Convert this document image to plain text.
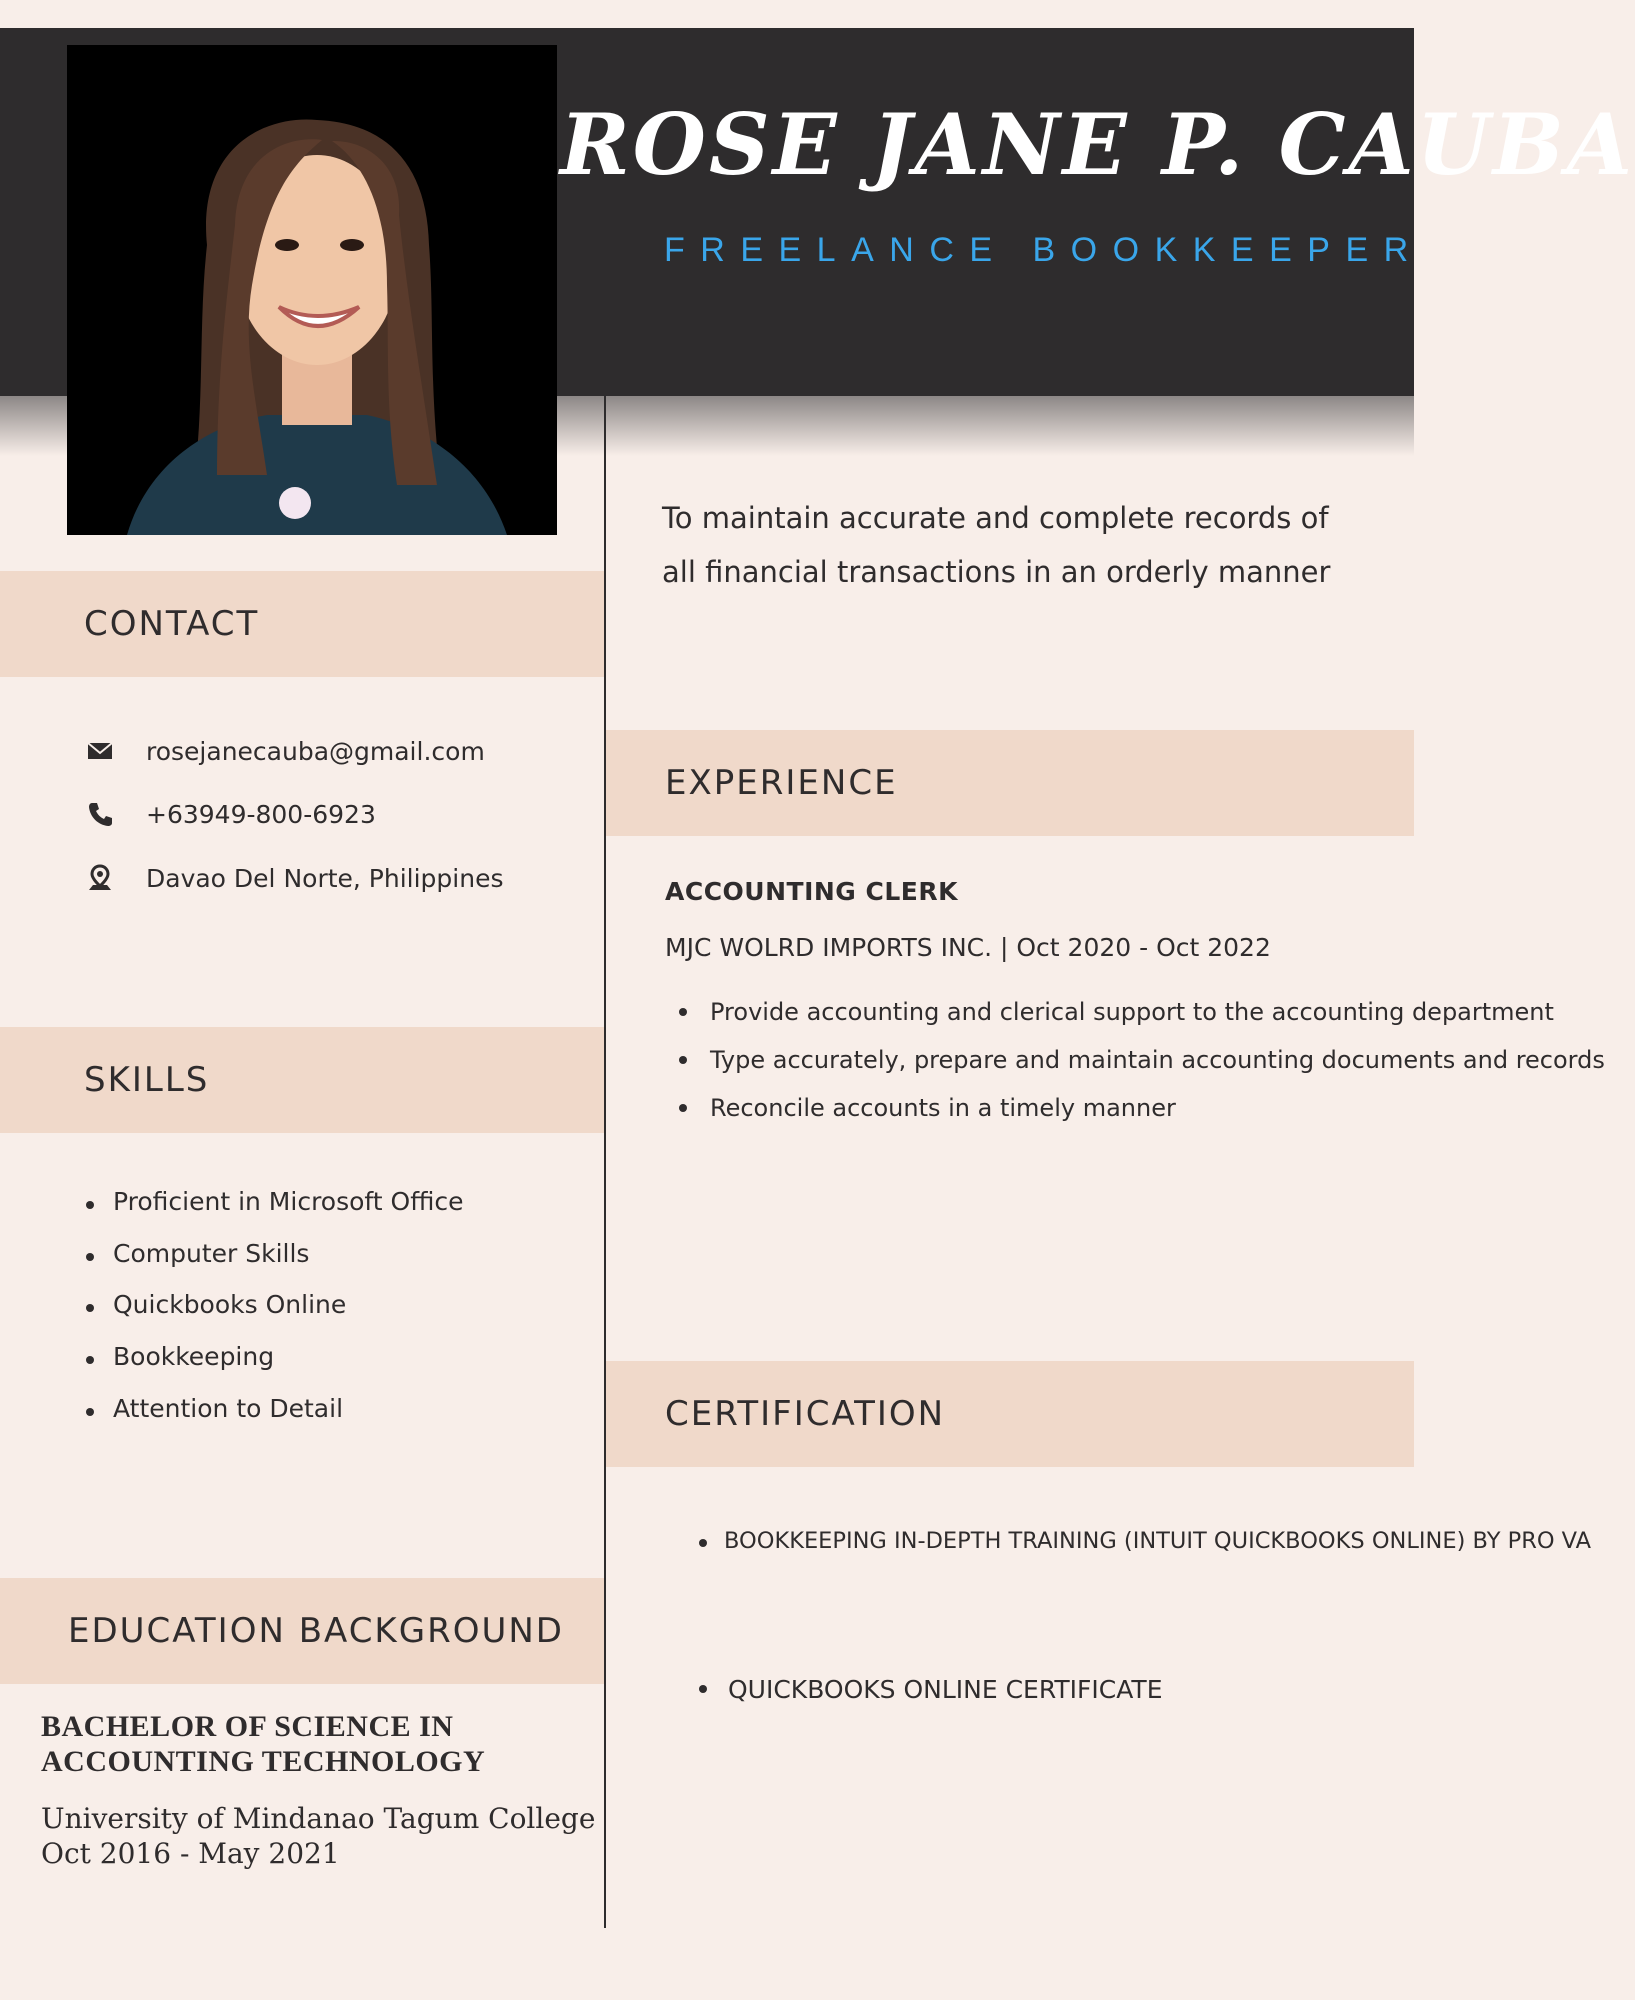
ROSE JANE P. CAUBA
FREELANCE BOOKKEEPER
CONTACT
rosejanecauba@gmail.com
+63949-800-6923
Davao Del Norte, Philippines
SKILLS
Proficient in Microsoft Office
Computer Skills
Quickbooks Online
Bookkeeping
Attention to Detail
EDUCATION BACKGROUND
BACHELOR OF SCIENCE IN
ACCOUNTING TECHNOLOGY
University of Mindanao Tagum College
Oct 2016 - May 2021
To maintain accurate and complete records of all financial transactions in an orderly manner
EXPERIENCE
ACCOUNTING CLERK
MJC WOLRD IMPORTS INC. | Oct 2020 - Oct 2022
Provide accounting and clerical support to the accounting department
Type accurately, prepare and maintain accounting documents and records
Reconcile accounts in a timely manner
CERTIFICATION
BOOKKEEPING IN-DEPTH TRAINING (INTUIT QUICKBOOKS ONLINE) BY PRO VA
QUICKBOOKS ONLINE CERTIFICATE
